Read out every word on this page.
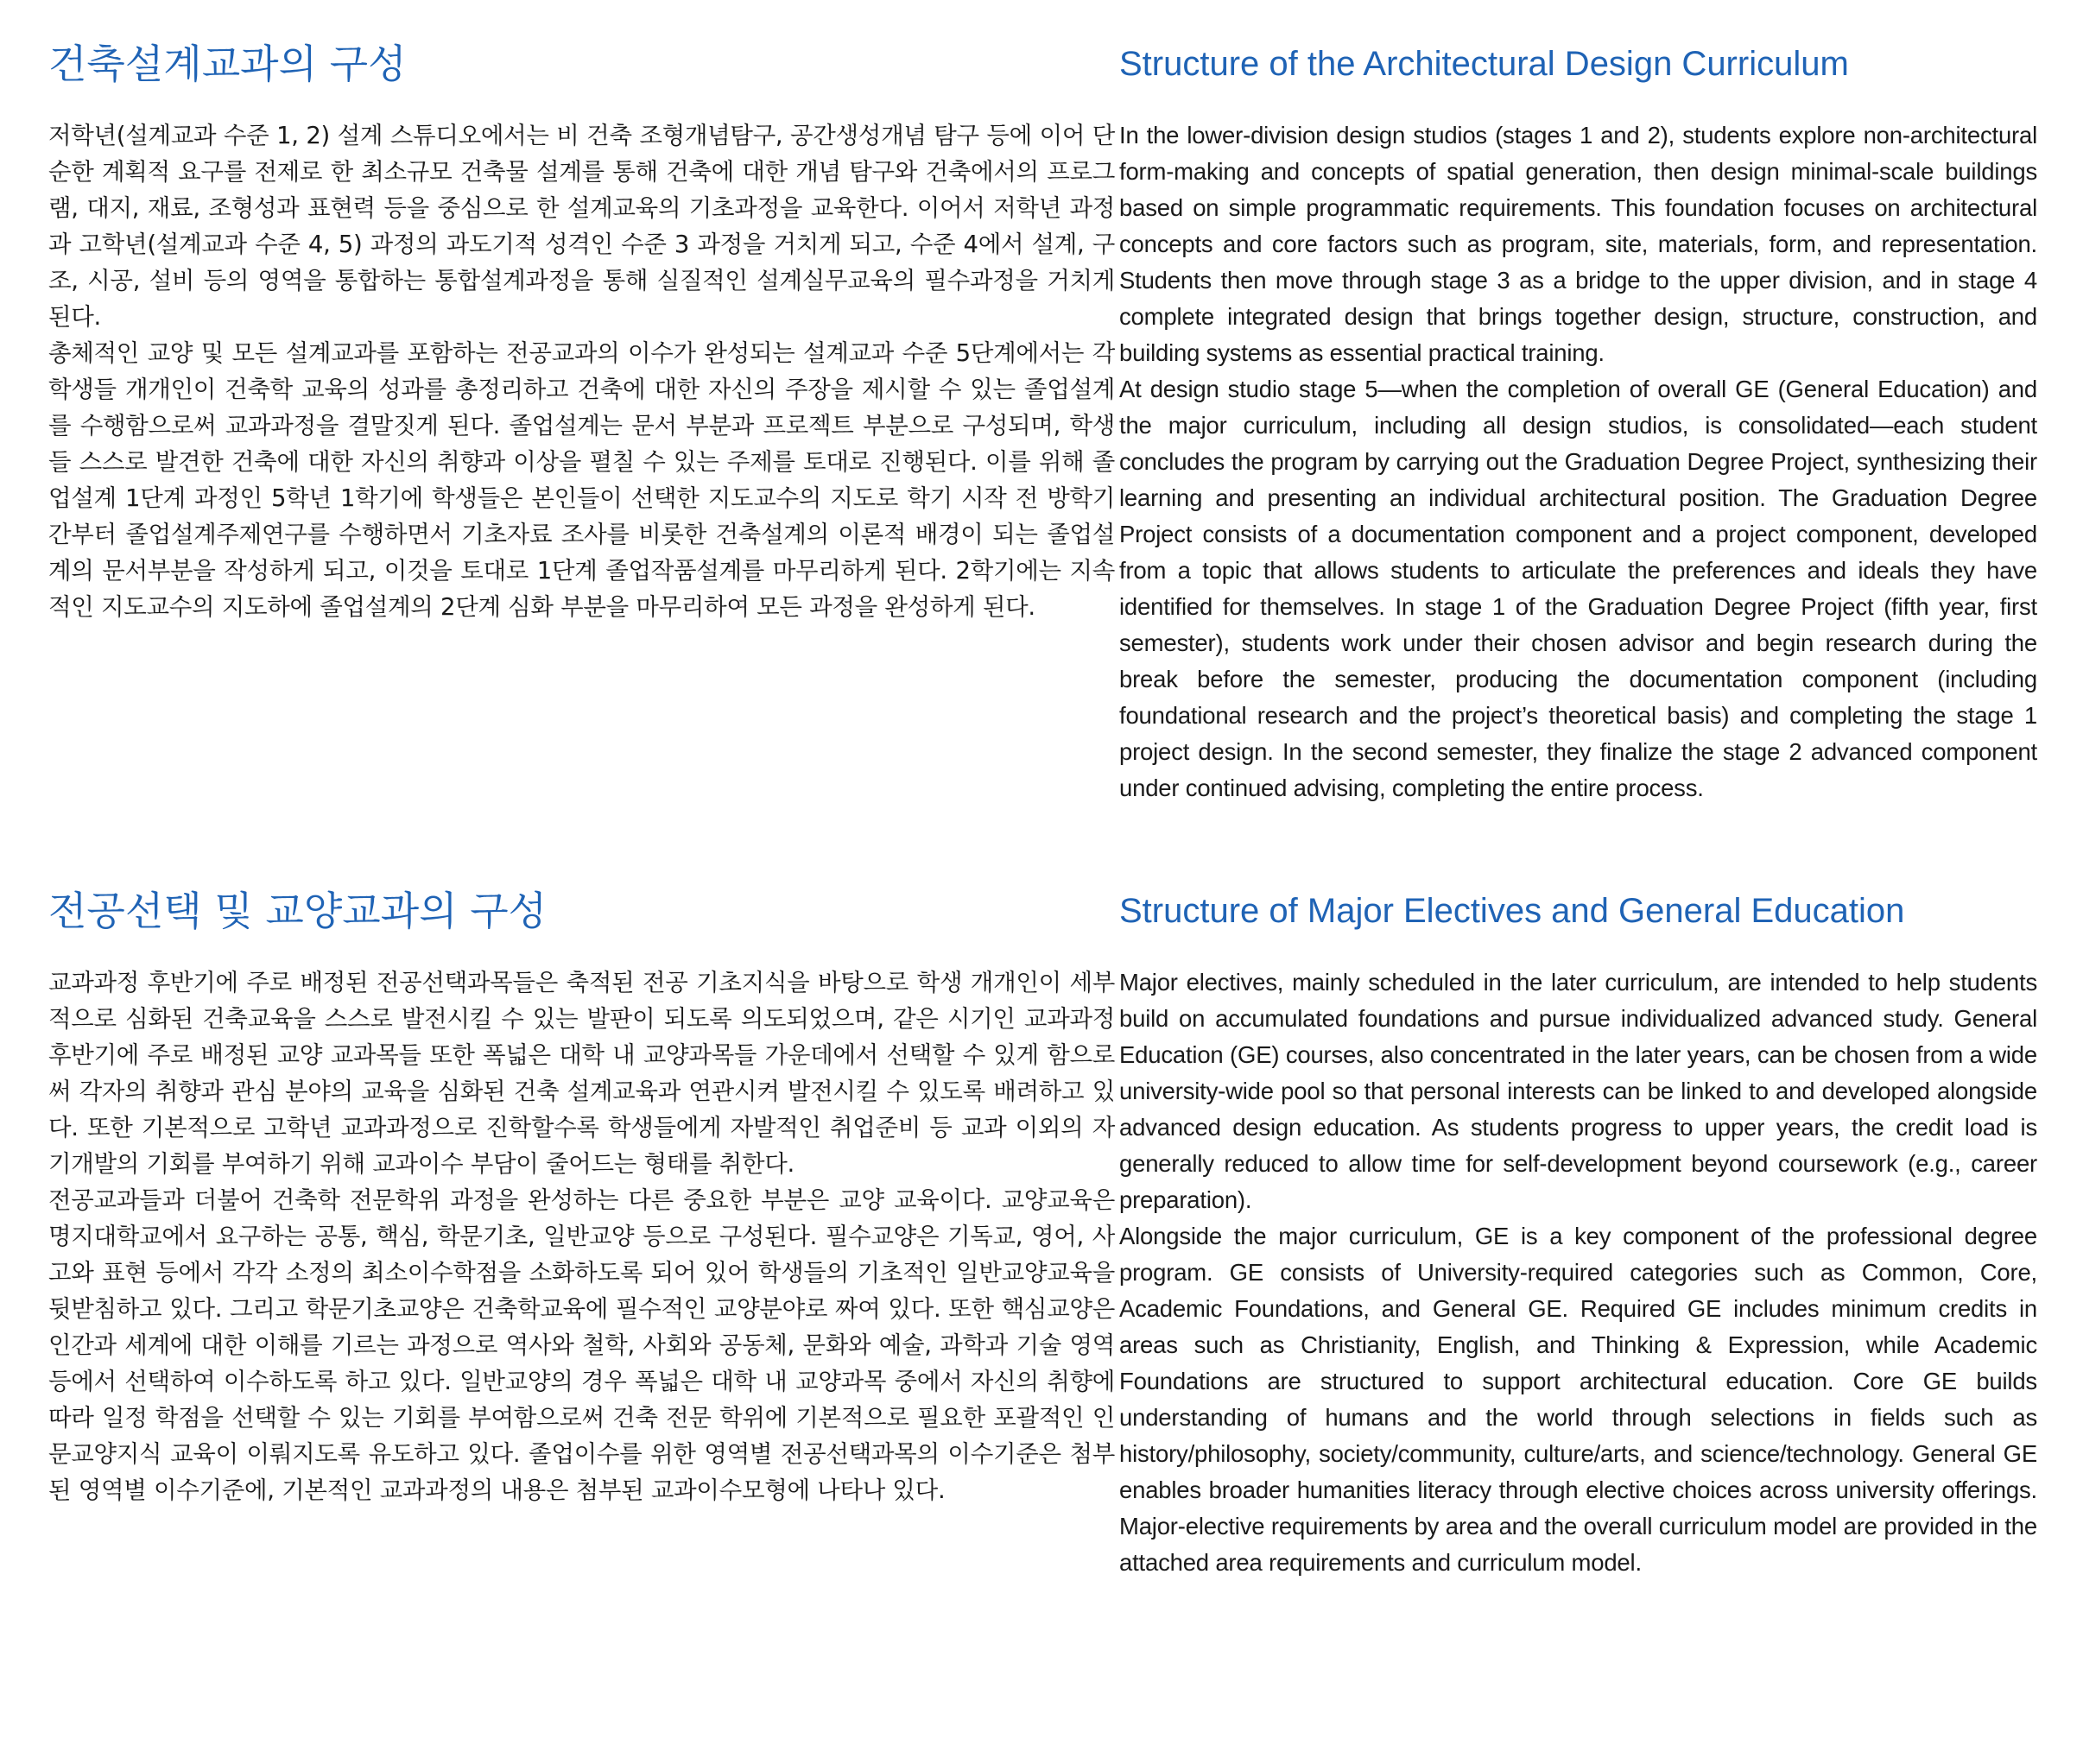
건축설계교과의 구성

저학년(설계교과 수준 1, 2) 설계 스튜디오에서는 비 건축 조형개념탐구, 공간생성개념 탐구 등에 이어 단순한 계획적 요구를 전제로 한 최소규모 건축물 설계를 통해 건축에 대한 개념 탐구와 건축에서의 프로그램, 대지, 재료, 조형성과 표현력 등을 중심으로 한 설계교육의 기초과정을 교육한다. 이어서 저학년 과정과 고학년(설계교과 수준 4, 5) 과정의 과도기적 성격인 수준 3 과정을 거치게 되고, 수준 4에서 설계, 구조, 시공, 설비 등의 영역을 통합하는 통합설계과정을 통해 실질적인 설계실무교육의 필수과정을 거치게 된다.

총체적인 교양 및 모든 설계교과를 포함하는 전공교과의 이수가 완성되는 설계교과 수준 5단계에서는 각 학생들 개개인이 건축학 교육의 성과를 총정리하고 건축에 대한 자신의 주장을 제시할 수 있는 졸업설계를 수행함으로써 교과과정을 결말짓게 된다. 졸업설계는 문서 부분과 프로젝트 부분으로 구성되며, 학생들 스스로 발견한 건축에 대한 자신의 취향과 이상을 펼칠 수 있는 주제를 토대로 진행된다. 이를 위해 졸업설계 1단계 과정인 5학년 1학기에 학생들은 본인들이 선택한 지도교수의 지도로 학기 시작 전 방학기간부터 졸업설계주제연구를 수행하면서 기초자료 조사를 비롯한 건축설계의 이론적 배경이 되는 졸업설계의 문서부분을 작성하게 되고, 이것을 토대로 1단계 졸업작품설계를 마무리하게 된다. 2학기에는 지속적인 지도교수의 지도하에 졸업설계의 2단계 심화 부분을 마무리하여 모든 과정을 완성하게 된다.

Structure of the Architectural Design Curriculum

In the lower-division design studios (stages 1 and 2), students explore non-architectural form-making and concepts of spatial generation, then design minimal-scale buildings based on simple programmatic requirements. This foundation focuses on architectural concepts and core factors such as program, site, materials, form, and representation. Students then move through stage 3 as a bridge to the upper division, and in stage 4 complete integrated design that brings together design, structure, construction, and building systems as essential practical training.

At design studio stage 5—when the completion of overall GE (General Education) and the major curriculum, including all design studios, is consolidated—each student concludes the program by carrying out the Graduation Degree Project, synthesizing their learning and presenting an individual architectural position. The Graduation Degree Project consists of a documentation component and a project component, developed from a topic that allows students to articulate the preferences and ideals they have identified for themselves. In stage 1 of the Graduation Degree Project (fifth year, first semester), students work under their chosen advisor and begin research during the break before the semester, producing the documentation component (including foundational research and the project’s theoretical basis) and completing the stage 1 project design. In the second semester, they finalize the stage 2 advanced component under continued advising, completing the entire process.

전공선택 및 교양교과의 구성

교과과정 후반기에 주로 배정된 전공선택과목들은 축적된 전공 기초지식을 바탕으로 학생 개개인이 세부적으로 심화된 건축교육을 스스로 발전시킬 수 있는 발판이 되도록 의도되었으며, 같은 시기인 교과과정 후반기에 주로 배정된 교양 교과목들 또한 폭넓은 대학 내 교양과목들 가운데에서 선택할 수 있게 함으로써 각자의 취향과 관심 분야의 교육을 심화된 건축 설계교육과 연관시켜 발전시킬 수 있도록 배려하고 있다. 또한 기본적으로 고학년 교과과정으로 진학할수록 학생들에게 자발적인 취업준비 등 교과 이외의 자기개발의 기회를 부여하기 위해 교과이수 부담이 줄어드는 형태를 취한다.

전공교과들과 더불어 건축학 전문학위 과정을 완성하는 다른 중요한 부분은 교양 교육이다. 교양교육은 명지대학교에서 요구하는 공통, 핵심, 학문기초, 일반교양 등으로 구성된다. 필수교양은 기독교, 영어, 사고와 표현 등에서 각각 소정의 최소이수학점을 소화하도록 되어 있어 학생들의 기초적인 일반교양교육을 뒷받침하고 있다. 그리고 학문기초교양은 건축학교육에 필수적인 교양분야로 짜여 있다. 또한 핵심교양은 인간과 세계에 대한 이해를 기르는 과정으로 역사와 철학, 사회와 공동체, 문화와 예술, 과학과 기술 영역 등에서 선택하여 이수하도록 하고 있다. 일반교양의 경우 폭넓은 대학 내 교양과목 중에서 자신의 취향에 따라 일정 학점을 선택할 수 있는 기회를 부여함으로써 건축 전문 학위에 기본적으로 필요한 포괄적인 인문교양지식 교육이 이뤄지도록 유도하고 있다. 졸업이수를 위한 영역별 전공선택과목의 이수기준은 첨부된 영역별 이수기준에, 기본적인 교과과정의 내용은 첨부된 교과이수모형에 나타나 있다.

Structure of Major Electives and General Education

Major electives, mainly scheduled in the later curriculum, are intended to help students build on accumulated foundations and pursue individualized advanced study. General Education (GE) courses, also concentrated in the later years, can be chosen from a wide university-wide pool so that personal interests can be linked to and developed alongside advanced design education. As students progress to upper years, the credit load is generally reduced to allow time for self-development beyond coursework (e.g., career preparation).

Alongside the major curriculum, GE is a key component of the professional degree program. GE consists of University-required categories such as Common, Core, Academic Foundations, and General GE. Required GE includes minimum credits in areas such as Christianity, English, and Thinking & Expression, while Academic Foundations are structured to support architectural education. Core GE builds understanding of humans and the world through selections in fields such as history/philosophy, society/community, culture/arts, and science/technology. General GE enables broader humanities literacy through elective choices across university offerings. Major-elective requirements by area and the overall curriculum model are provided in the attached area requirements and curriculum model.
